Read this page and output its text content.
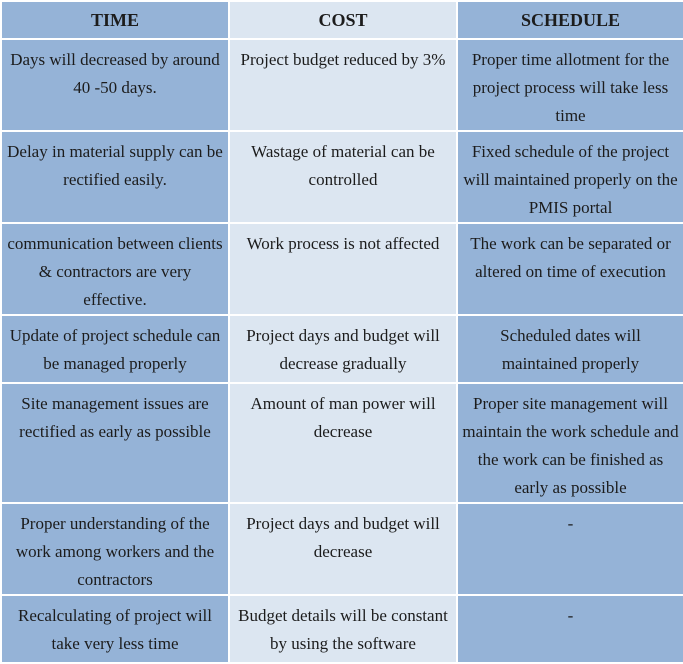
TIME	COST	SCHEDULE
Days will decreased by around 40 -50 days.	Project budget reduced by 3%	Proper time allotment for the project process will take less time
Delay in material supply can be rectified easily.	Wastage of material can be controlled	Fixed schedule of the project will maintained properly on the PMIS portal
communication between clients & contractors are very effective.	Work process is not affected	The work can be separated or altered on time of execution
Update of project schedule can be managed properly	Project days and budget will decrease gradually	Scheduled dates will maintained properly
Site management issues are rectified as early as possible	Amount of man power will decrease	Proper site management will maintain the work schedule and the work can be finished as early as possible
Proper understanding of the work among workers and the contractors	Project days and budget will decrease	-
Recalculating of project will take very less time	Budget details will be constant by using the software	-
